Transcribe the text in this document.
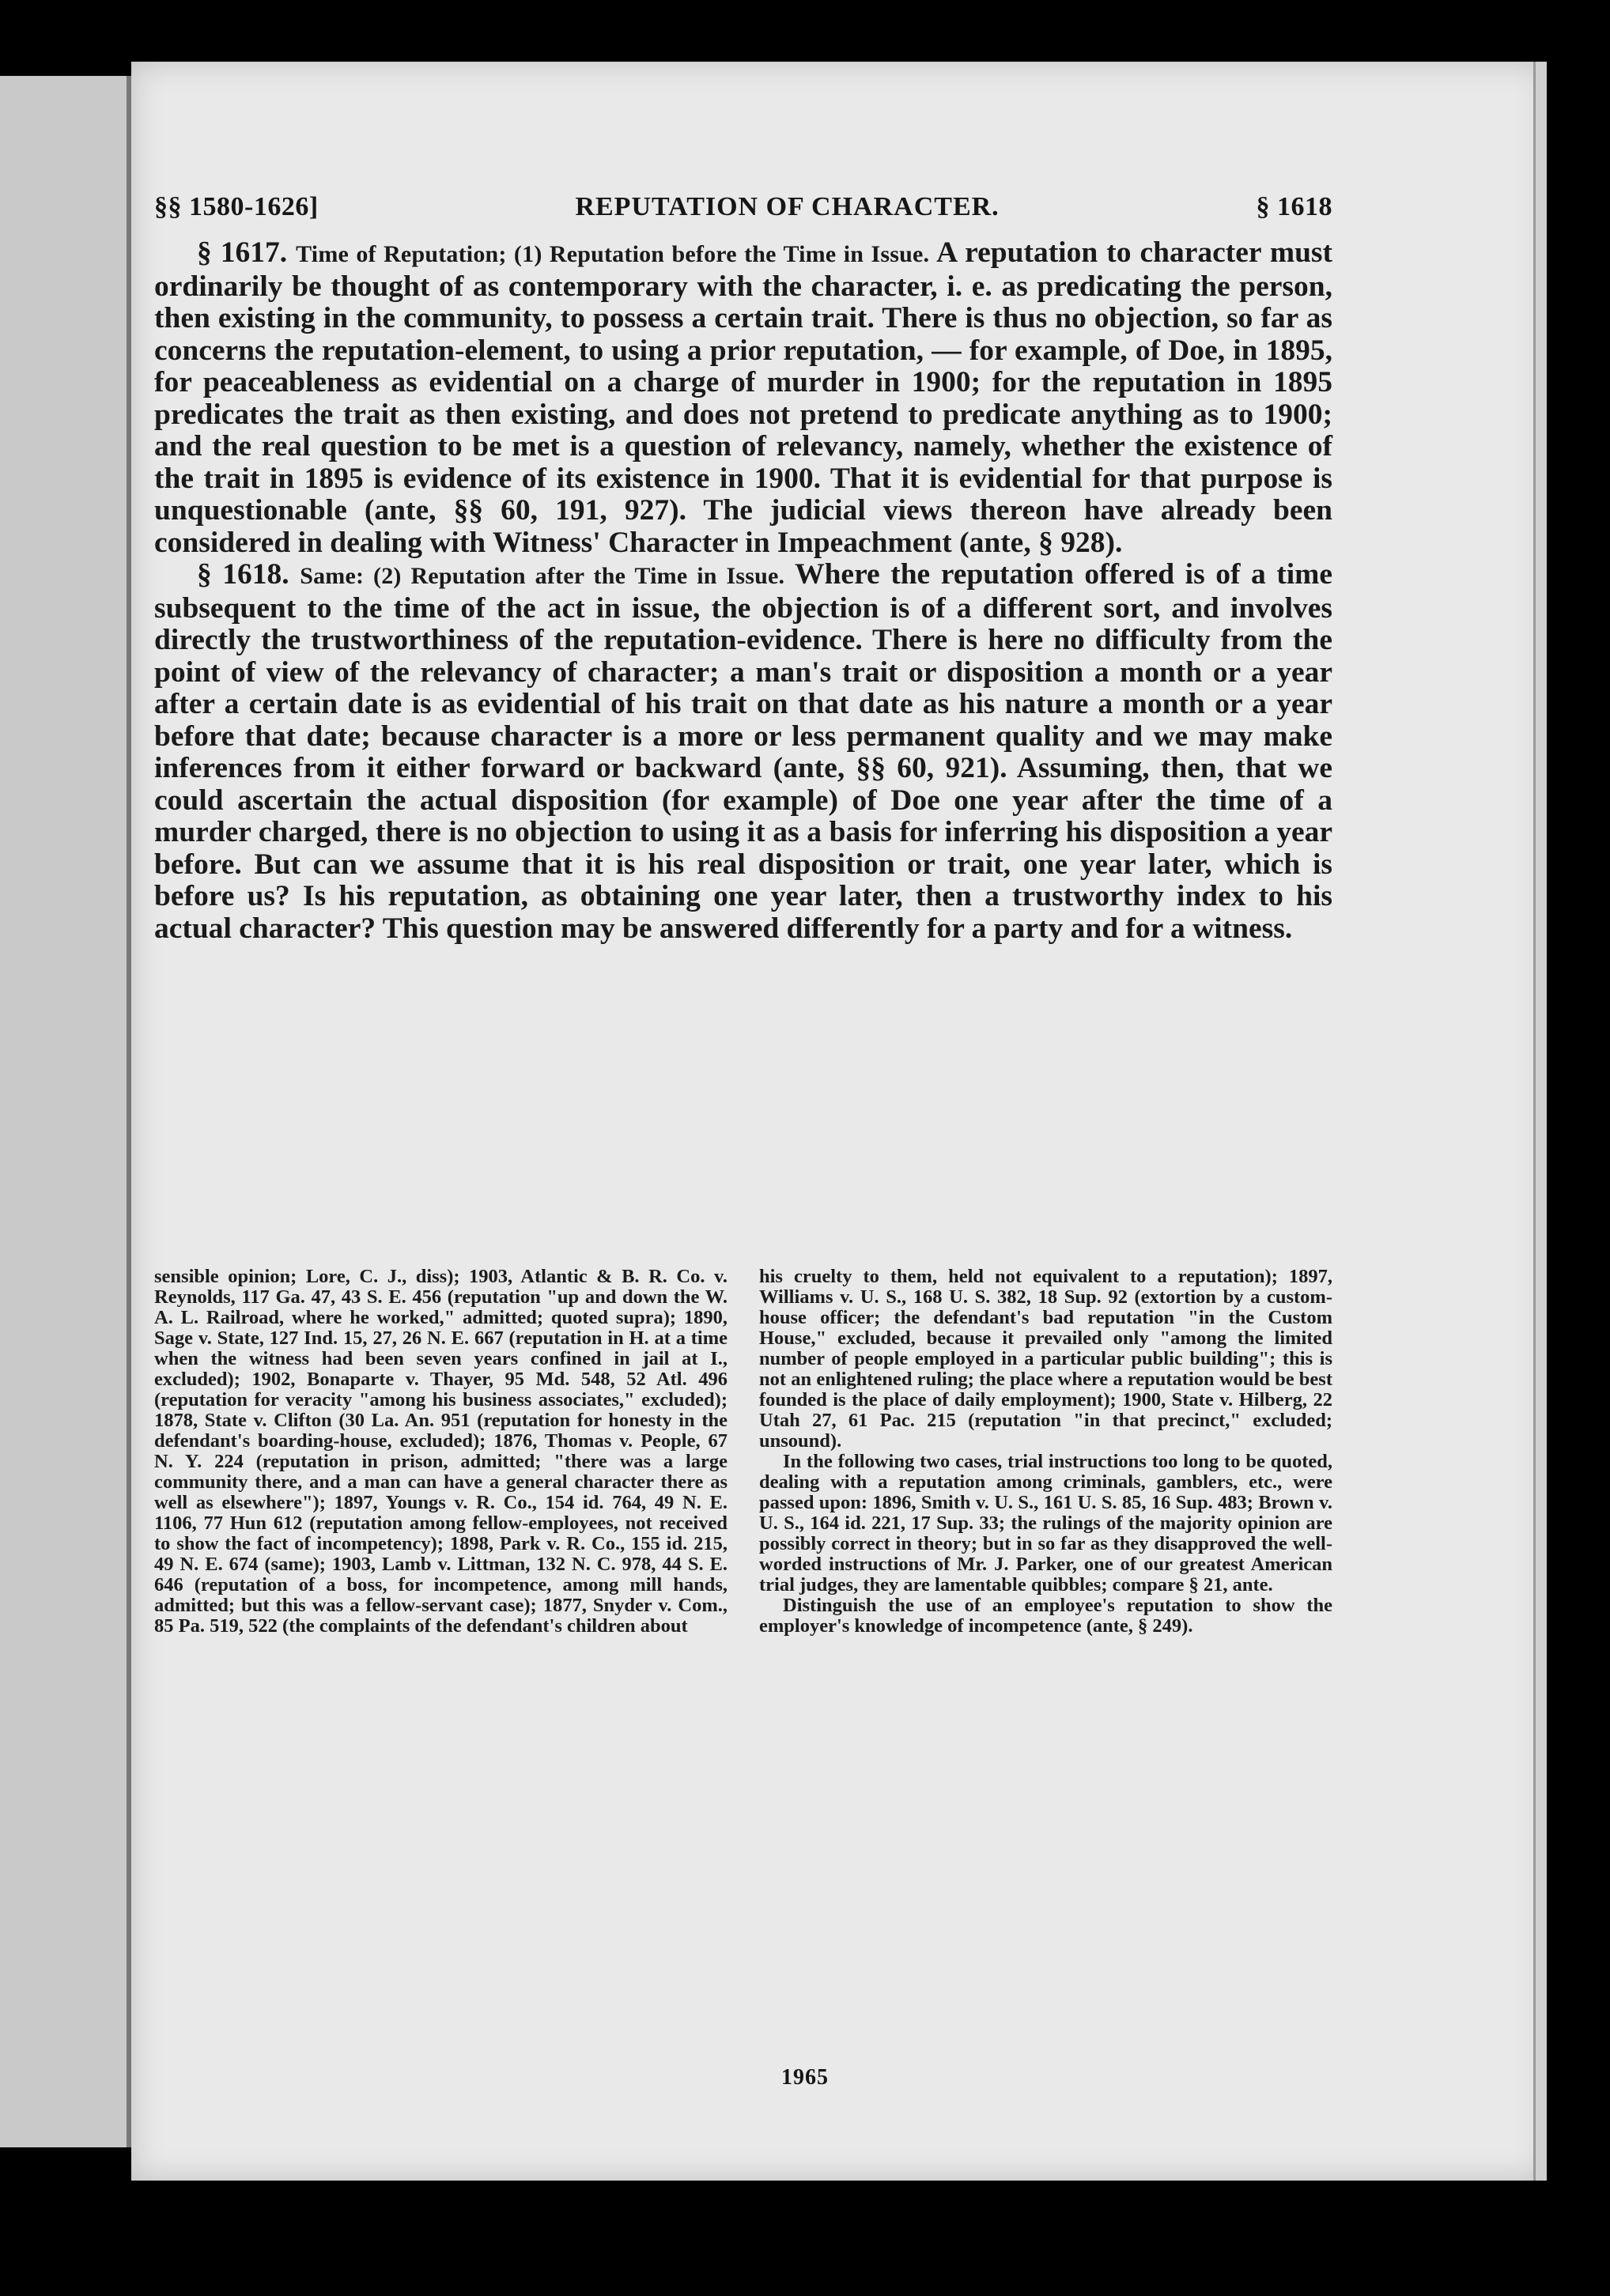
§§ 1580-1626]	REPUTATION OF CHARACTER.	§ 1618

§ 1617. Time of Reputation; (1) Reputation before the Time in Issue. A reputation to character must ordinarily be thought of as contemporary with the character, i. e. as predicating the person, then existing in the community, to possess a certain trait. There is thus no objection, so far as concerns the reputation-element, to using a prior reputation, — for example, of Doe, in 1895, for peaceableness as evidential on a charge of murder in 1900; for the reputation in 1895 predicates the trait as then existing, and does not pretend to predicate anything as to 1900; and the real question to be met is a question of relevancy, namely, whether the existence of the trait in 1895 is evidence of its existence in 1900. That it is evidential for that purpose is unquestionable (ante, §§ 60, 191, 927). The judicial views thereon have already been considered in dealing with Witness' Character in Impeachment (ante, § 928).

§ 1618. Same: (2) Reputation after the Time in Issue. Where the reputation offered is of a time subsequent to the time of the act in issue, the objection is of a different sort, and involves directly the trustworthiness of the reputation-evidence. There is here no difficulty from the point of view of the relevancy of character; a man's trait or disposition a month or a year after a certain date is as evidential of his trait on that date as his nature a month or a year before that date; because character is a more or less permanent quality and we may make inferences from it either forward or backward (ante, §§ 60, 921). Assuming, then, that we could ascertain the actual disposition (for example) of Doe one year after the time of a murder charged, there is no objection to using it as a basis for inferring his disposition a year before. But can we assume that it is his real disposition or trait, one year later, which is before us? Is his reputation, as obtaining one year later, then a trustworthy index to his actual character? This question may be answered differently for a party and for a witness.

sensible opinion; Lore, C. J., diss); 1903, Atlantic & B. R. Co. v. Reynolds, 117 Ga. 47, 43 S. E. 456 (reputation "up and down the W. A. L. Railroad, where he worked," admitted; quoted supra); 1890, Sage v. State, 127 Ind. 15, 27, 26 N. E. 667 (reputation in H. at a time when the witness had been seven years confined in jail at I., excluded); 1902, Bonaparte v. Thayer, 95 Md. 548, 52 Atl. 496 (reputation for veracity "among his business associates," excluded); 1878, State v. Clifton (30 La. An. 951 (reputation for honesty in the defendant's boarding-house, excluded); 1876, Thomas v. People, 67 N. Y. 224 (reputation in prison, admitted; "there was a large community there, and a man can have a general character there as well as elsewhere"); 1897, Youngs v. R. Co., 154 id. 764, 49 N. E. 1106, 77 Hun 612 (reputation among fellow-employees, not received to show the fact of incompetency); 1898, Park v. R. Co., 155 id. 215, 49 N. E. 674 (same); 1903, Lamb v. Littman, 132 N. C. 978, 44 S. E. 646 (reputation of a boss, for incompetence, among mill hands, admitted; but this was a fellow-servant case); 1877, Snyder v. Com., 85 Pa. 519, 522 (the complaints of the defendant's children about

his cruelty to them, held not equivalent to a reputation); 1897, Williams v. U. S., 168 U. S. 382, 18 Sup. 92 (extortion by a custom-house officer; the defendant's bad reputation "in the Custom House," excluded, because it prevailed only "among the limited number of people employed in a particular public building"; this is not an enlightened ruling; the place where a reputation would be best founded is the place of daily employment); 1900, State v. Hilberg, 22 Utah 27, 61 Pac. 215 (reputation "in that precinct," excluded; unsound).

In the following two cases, trial instructions too long to be quoted, dealing with a reputation among criminals, gamblers, etc., were passed upon: 1896, Smith v. U. S., 161 U. S. 85, 16 Sup. 483; Brown v. U. S., 164 id. 221, 17 Sup. 33; the rulings of the majority opinion are possibly correct in theory; but in so far as they disapproved the well-worded instructions of Mr. J. Parker, one of our greatest American trial judges, they are lamentable quibbles; compare § 21, ante.

Distinguish the use of an employee's reputation to show the employer's knowledge of incompetence (ante, § 249).

1965
